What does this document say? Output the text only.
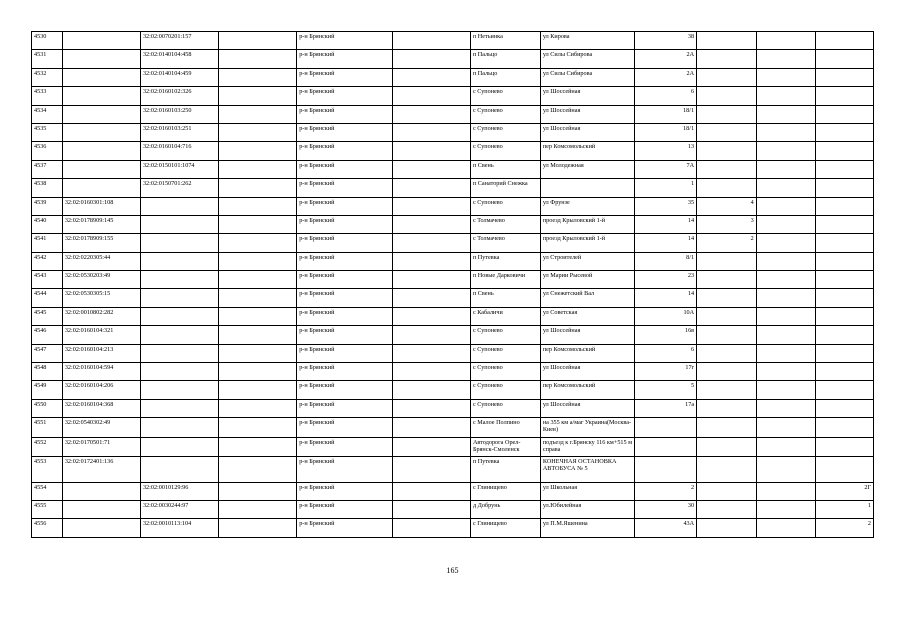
4530		32:02:0070201:157		р-н Брянский		п Нетьинка	ул Кирова	38			
4531		32:02:0140104:458		р-н Брянский		п Пальцо	ул Силы Сибирова	2А			
4532		32:02:0140104:459		р-н Брянский		п Пальцо	ул Силы Сибирова	2А			
4533		32:02:0160102:326		р-н Брянский		с Супонево	ул Шоссейная	6			
4534		32:02:0160103:250		р-н Брянский		с Супонево	ул Шоссейная	18/1			
4535		32:02:0160103:251		р-н Брянский		с Супонево	ул Шоссейная	18/1			
4536		32:02:0160104:716		р-н Брянский		с Супонево	пер Комсомольский	13			
4537		32:02:0150101:1074		р-н Брянский		п Свень	ул Молодежная	7А			
4538		32:02:0150701:262		р-н Брянский		п Санаторий Снежка		1			
4539	32:02:0160301:108			р-н Брянский		с Супонево	ул Фрунзе	35	4		
4540	32:02:0178909:145			р-н Брянский		с Толмачево	проезд Крыловский 1-й	14	3		
4541	32:02:0178909:155			р-н Брянский		с Толмачево	проезд Крыловский 1-й	14	2		
4542	32:02:0220305:44			р-н Брянский		п Путевка	ул Строителей	8/1			
4543	32:02:0530203:49			р-н Брянский		п Новые Дарковичи	ул Марии Рысевой	23			
4544	32:02:0530305:15			р-н Брянский		п Свень	ул Снежетский Вал	14			
4545	32:02:0010802:282			р-н Брянский		с Кабаличи	ул Советская	10А			
4546	32:02:0160104:321			р-н Брянский		с Супонево	ул Шоссейная	16в			
4547	32:02:0160104:213			р-н Брянский		с Супонево	пер Комсомольский	6			
4548	32:02:0160104:594			р-н Брянский		с Супонево	ул Шоссейная	17г			
4549	32:02:0160104:206			р-н Брянский		с Супонево	пер Комсомольский	5			
4550	32:02:0160104:368			р-н Брянский		с Супонево	ул Шоссейная	17а			
4551	32:02:0540302:49			р-н Брянский		с Малое Полпино	на 355 км а/маг Украина(Москва-Киев)				
4552	32:02:0170501:71			р-н Брянский		Автодорога Орел-Брянск-Смоленск	подъезд к г.Брянску 116 км+515 м справа				
4553	32:02:0172401:136			р-н Брянский		п Путевка	КОНЕЧНАЯ ОСТАНОВКА АВТОБУСА № 5				
4554		32:02:0010129:96		р-н Брянский		с Глинищево	ул Школьная	2			2Г
4555		32:02:0030244:97		р-н Брянский		д Добрунь	ул.Юбилейная	30			1
4556		32:02:0010113:104		р-н Брянский		с Глинищево	ул П.М.Яшенина	43А			2
165
